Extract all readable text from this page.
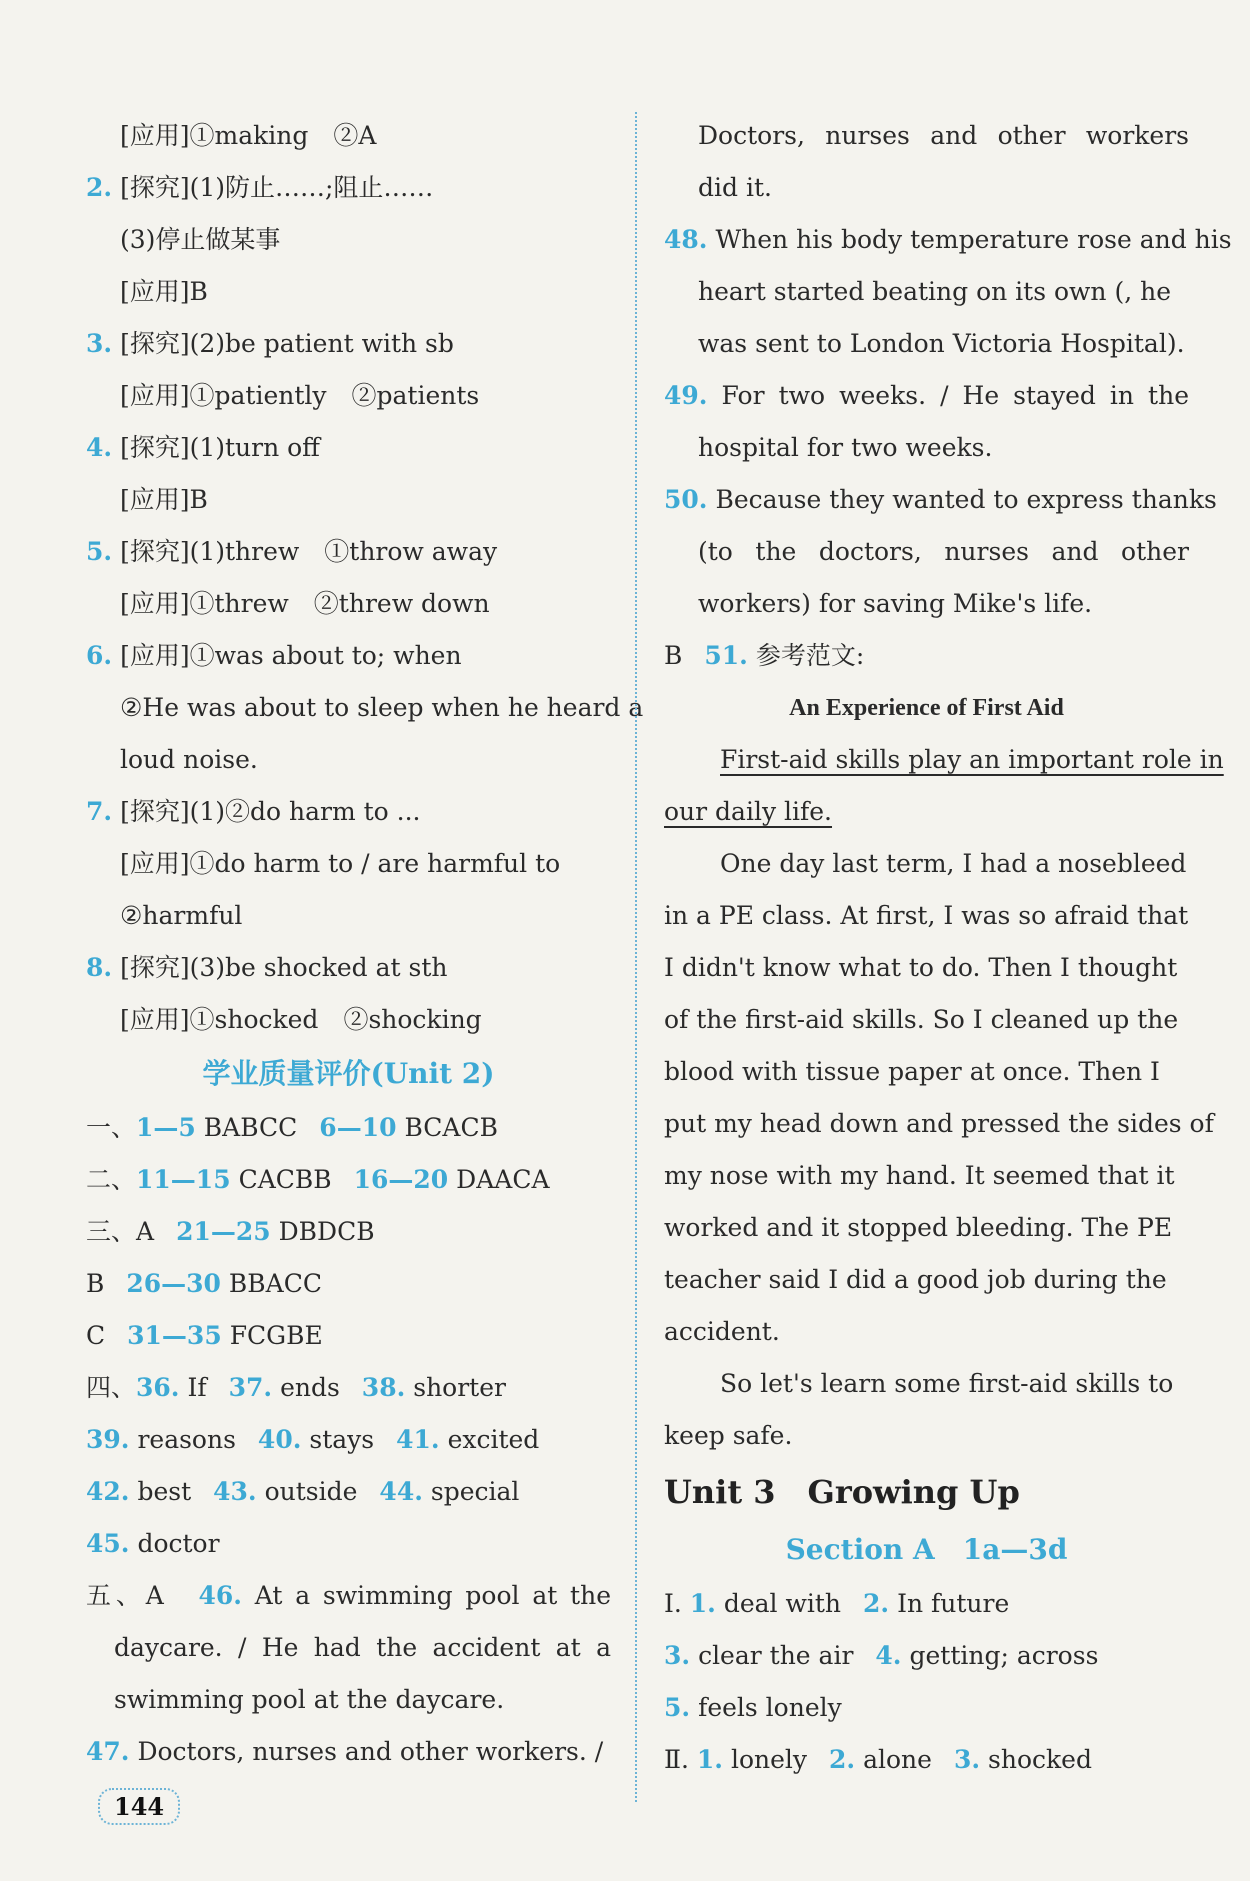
[应用]①making　②A
2. [探究](1)防止……;阻止……
(3)停止做某事
[应用]B
3. [探究](2)be patient with sb
[应用]①patiently　②patients
4. [探究](1)turn off
[应用]B
5. [探究](1)threw　①throw away
[应用]①threw　②threw down
6. [应用]①was about to; when
②He was about to sleep when he heard a
loud noise.
7. [探究](1)②do harm to ...
[应用]①do harm to / are harmful to
②harmful
8. [探究](3)be shocked at sth
[应用]①shocked　②shocking
学业质量评价(Unit 2)
一、1—5 BABCC 6—10 BCACB
二、11—15 CACBB 16—20 DAACA
三、A 21—25 DBDCB
B 26—30 BBACC
C 31—35 FCGBE
四、36. If 37. ends 38. shorter
39. reasons 40. stays 41. excited
42. best 43. outside 44. special
45. doctor
五、A　 46. At a swimming pool at the
daycare. / He had the accident at a
swimming pool at the daycare.
47. Doctors, nurses and other workers. /
Doctors, nurses and other workers
did it.
48. When his body temperature rose and his
heart started beating on its own (, he
was sent to London Victoria Hospital).
49. For two weeks. / He stayed in the
hospital for two weeks.
50. Because they wanted to express thanks
(to the doctors, nurses and other
workers) for saving Mike's life.
B 51. 参考范文:
An Experience of First Aid
First-aid skills play an important role in
our daily life.
One day last term, I had a nosebleed
in a PE class. At first, I was so afraid that
I didn't know what to do. Then I thought
of the first-aid skills. So I cleaned up the
blood with tissue paper at once. Then I
put my head down and pressed the sides of
my nose with my hand. It seemed that it
worked and it stopped bleeding. The PE
teacher said I did a good job during the
accident.
So let's learn some first-aid skills to
keep safe.
Unit 3　Growing Up
Section A　1a—3d
Ⅰ. 1. deal with 2. In future
3. clear the air 4. getting; across
5. feels lonely
Ⅱ. 1. lonely 2. alone 3. shocked
144
